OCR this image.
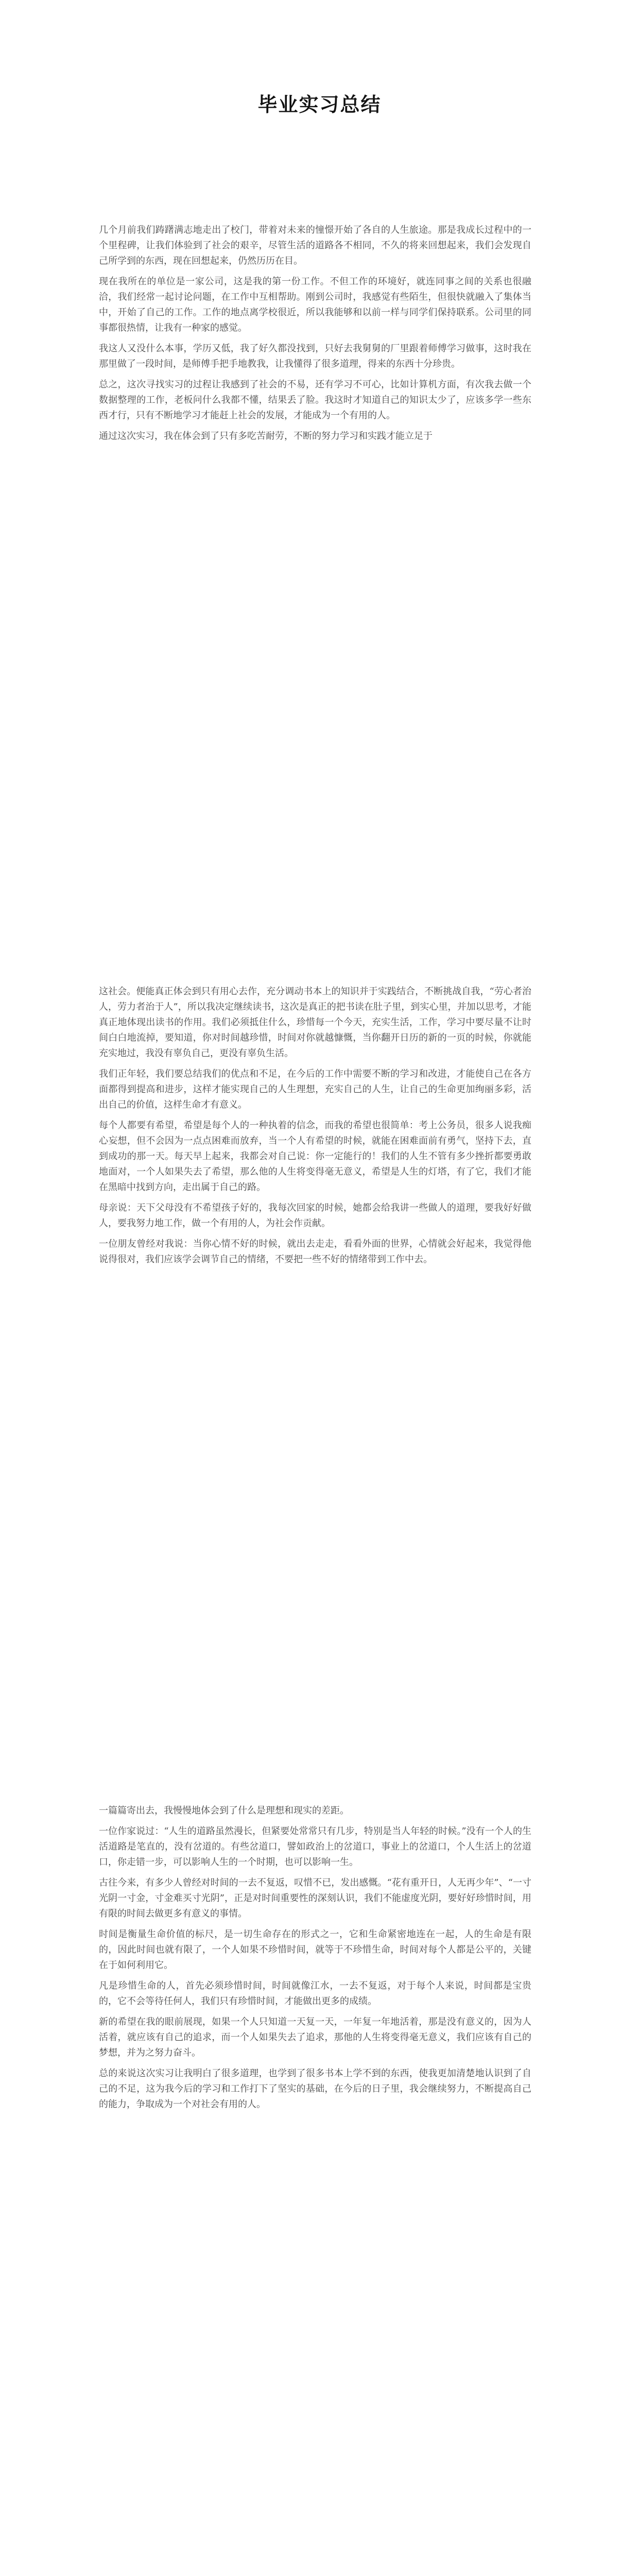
毕业实习总结

几个月前我们踌躇满志地走出了校门，带着对未来的憧憬开始了各自的人生旅途。那是我成长过程中的一个里程碑，让我们体验到了社会的艰辛，尽管生活的道路各不相同，不久的将来回想起来，我们会发现自己所学到的东西，现在回想起来，仍然历历在目。

现在我所在的单位是一家公司，这是我的第一份工作。不但工作的环境好，就连同事之间的关系也很融洽，我们经常一起讨论问题，在工作中互相帮助。刚到公司时，我感觉有些陌生，但很快就融入了集体当中，开始了自己的工作。工作的地点离学校很近，所以我能够和以前一样与同学们保持联系。公司里的同事都很热情，让我有一种家的感觉。

我这人又没什么本事，学历又低，我了好久都没找到，只好去我舅舅的厂里跟着师傅学习做事，这时我在那里做了一段时间，是师傅手把手地教我，让我懂得了很多道理，得来的东西十分珍贵。

总之，这次寻找实习的过程让我感到了社会的不易，还有学习不可心，比如计算机方面，有次我去做一个数据整理的工作，老板问什么我都不懂，结果丢了脸。我这时才知道自己的知识太少了，应该多学一些东西才行，只有不断地学习才能赶上社会的发展，才能成为一个有用的人。

通过这次实习，我在体会到了只有多吃苦耐劳，不断的努力学习和实践才能立足于

这社会。便能真正体会到只有用心去作，充分调动书本上的知识并于实践结合，不断挑战自我，“劳心者治人，劳力者治于人”，所以我决定继续读书，这次是真正的把书读在肚子里，到实心里，并加以思考，才能真正地体现出读书的作用。我们必须抵住什么，珍惜每一个今天，充实生活，工作，学习中要尽量不让时间白白地流掉，要知道，你对时间越珍惜，时间对你就越慷慨，当你翻开日历的新的一页的时候，你就能充实地过，我没有辜负自己，更没有辜负生活。

我们正年轻，我们要总结我们的优点和不足，在今后的工作中需要不断的学习和改进，才能使自己在各方面都得到提高和进步，这样才能实现自己的人生理想，充实自己的人生，让自己的生命更加绚丽多彩，活出自己的价值，这样生命才有意义。

每个人都要有希望，希望是每个人的一种执着的信念，而我的希望也很简单：考上公务员，很多人说我痴心妄想，但不会因为一点点困难而放弃，当一个人有希望的时候，就能在困难面前有勇气，坚持下去，直到成功的那一天。每天早上起来，我都会对自己说：你一定能行的！我们的人生不管有多少挫折都要勇敢地面对，一个人如果失去了希望，那么他的人生将变得毫无意义，希望是人生的灯塔，有了它，我们才能在黑暗中找到方向，走出属于自己的路。

母亲说：天下父母没有不希望孩子好的，我每次回家的时候，她都会给我讲一些做人的道理，要我好好做人，要我努力地工作，做一个有用的人，为社会作贡献。

一位朋友曾经对我说：当你心情不好的时候，就出去走走，看看外面的世界，心情就会好起来，我觉得他说得很对，我们应该学会调节自己的情绪，不要把一些不好的情绪带到工作中去。

一篇篇寄出去，我慢慢地体会到了什么是理想和现实的差距。

一位作家说过：“人生的道路虽然漫长，但紧要处常常只有几步，特别是当人年轻的时候。”没有一个人的生活道路是笔直的，没有岔道的。有些岔道口，譬如政治上的岔道口，事业上的岔道口，个人生活上的岔道口，你走错一步，可以影响人生的一个时期，也可以影响一生。

古往今来，有多少人曾经对时间的一去不复返，叹惜不已，发出感慨。“花有重开日，人无再少年”、“一寸光阴一寸金，寸金难买寸光阴”，正是对时间重要性的深刻认识，我们不能虚度光阴，要好好珍惜时间，用有限的时间去做更多有意义的事情。

时间是衡量生命价值的标尺，是一切生命存在的形式之一，它和生命紧密地连在一起，人的生命是有限的，因此时间也就有限了，一个人如果不珍惜时间，就等于不珍惜生命，时间对每个人都是公平的，关键在于如何利用它。

凡是珍惜生命的人，首先必须珍惜时间，时间就像江水，一去不复返，对于每个人来说，时间都是宝贵的，它不会等待任何人，我们只有珍惜时间，才能做出更多的成绩。

新的希望在我的眼前展现，如果一个人只知道一天复一天，一年复一年地活着，那是没有意义的，因为人活着，就应该有自己的追求，而一个人如果失去了追求，那他的人生将变得毫无意义，我们应该有自己的梦想，并为之努力奋斗。

总的来说这次实习让我明白了很多道理，也学到了很多书本上学不到的东西，使我更加清楚地认识到了自己的不足，这为我今后的学习和工作打下了坚实的基础，在今后的日子里，我会继续努力，不断提高自己的能力，争取成为一个对社会有用的人。
